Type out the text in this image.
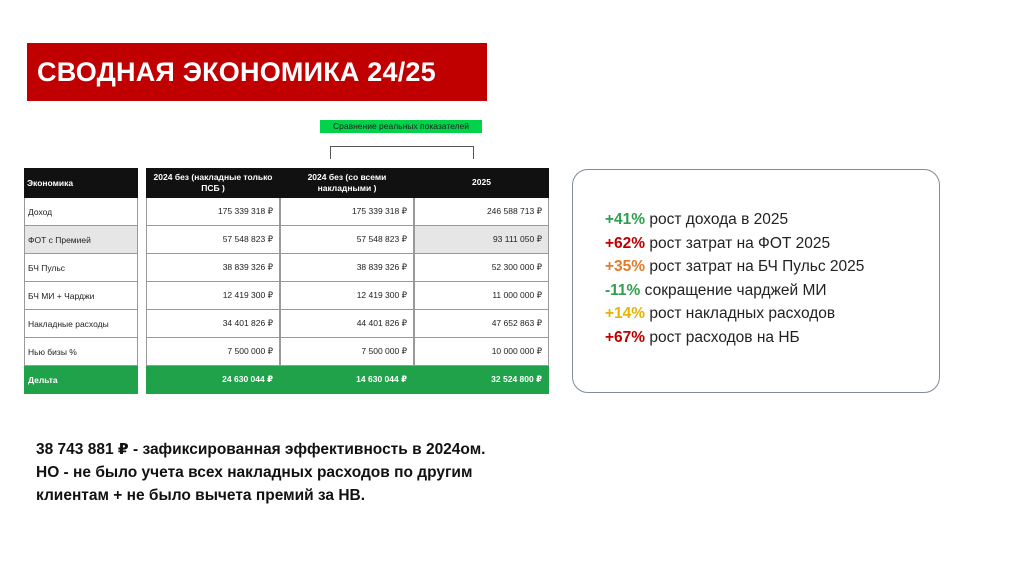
СВОДНАЯ ЭКОНОМИКА 24/25
Сравнение реальных показателей
Экономика
Доход
ФОТ с Премией
БЧ Пульс
БЧ МИ + Чарджи
Накладные расходы
Нью бизы %
Дельта
2024 без (накладные только ПСБ )
175 339 318 ₽
57 548 823 ₽
38 839 326 ₽
12 419 300 ₽
34 401 826 ₽
7 500 000 ₽
24 630 044 ₽
2024 без (со всеми накладными )
175 339 318 ₽
57 548 823 ₽
38 839 326 ₽
12 419 300 ₽
44 401 826 ₽
7 500 000 ₽
14 630 044 ₽
2025
246 588 713 ₽
93 111 050 ₽
52 300 000 ₽
11 000 000 ₽
47 652 863 ₽
10 000 000 ₽
32 524 800 ₽
+41% рост дохода в 2025
+62% рост затрат на ФОТ 2025
+35% рост затрат на БЧ Пульс 2025
-11% сокращение чарджей МИ
+14% рост накладных расходов
+67% рост расходов на НБ

38 743 881 ₽ - зафиксированная эффективность в 2024ом.

НО - не было учета всех накладных расходов по другим

клиентам + не было вычета премий за НВ.
